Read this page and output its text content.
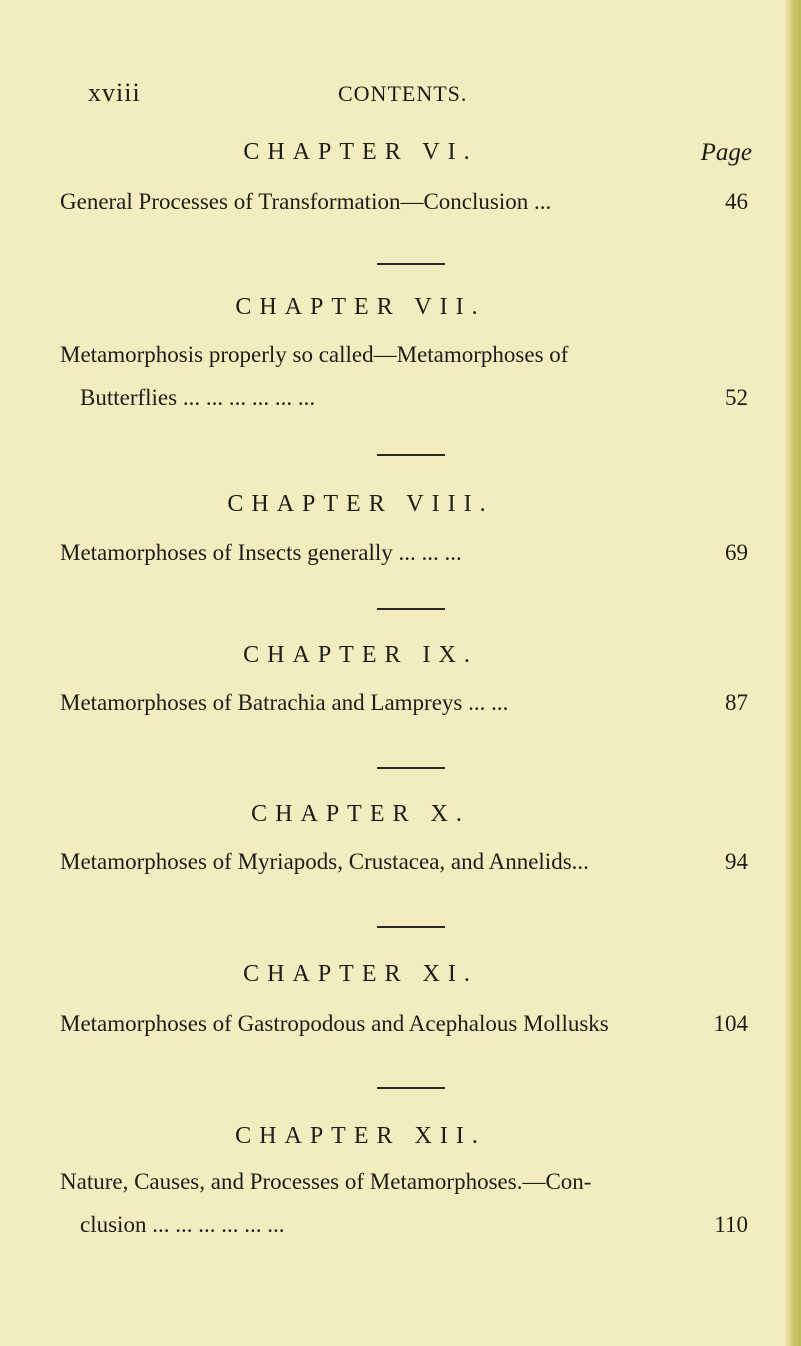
xviii	CONTENTS.
Page
CHAPTER VI.
General Processes of Transformation—Conclusion ...	46
CHAPTER VII.
Metamorphosis properly so called—Metamorphoses of
Butterflies ... ... ... ... ... ...	52
CHAPTER VIII.
Metamorphoses of Insects generally ... ... ...	69
CHAPTER IX.
Metamorphoses of Batrachia and Lampreys ... ...	87
CHAPTER X.
Metamorphoses of Myriapods, Crustacea, and Annelids...	94
CHAPTER XI.
Metamorphoses of Gastropodous and Acephalous Mollusks	104
CHAPTER XII.
Nature, Causes, and Processes of Metamorphoses.—Con-
clusion ... ... ... ... ... ...	110
